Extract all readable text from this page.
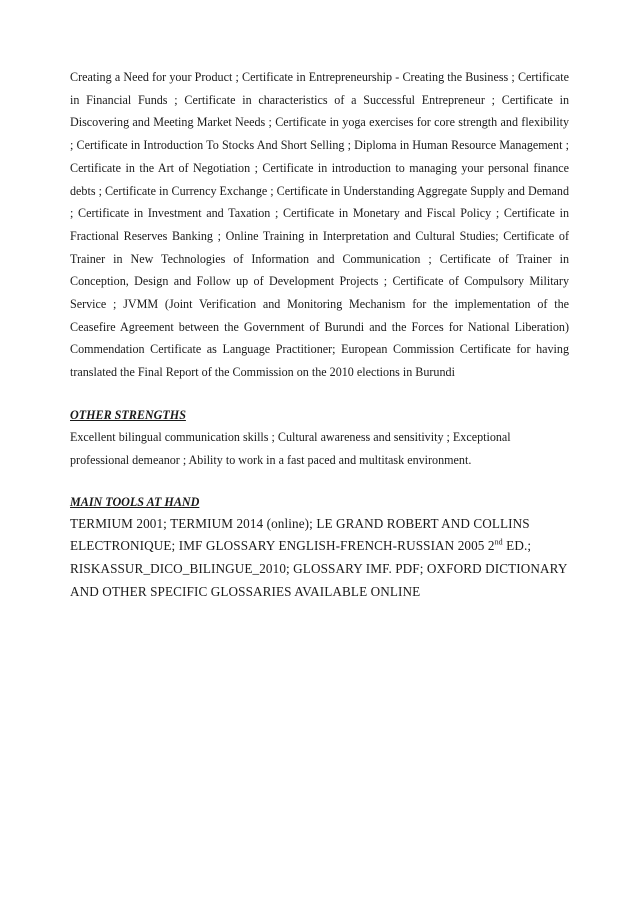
Creating a Need for your Product ; Certificate in Entrepreneurship - Creating the Business ; Certificate in Financial Funds ; Certificate in characteristics of a Successful Entrepreneur ; Certificate in Discovering and Meeting Market Needs ; Certificate in yoga exercises for core strength and flexibility ; Certificate in Introduction To Stocks And Short Selling ; Diploma in Human Resource Management ; Certificate in the Art of Negotiation ; Certificate in introduction to managing your personal finance debts ; Certificate in Currency Exchange ; Certificate in Understanding Aggregate Supply and Demand ; Certificate in Investment and Taxation ; Certificate in Monetary and Fiscal Policy ; Certificate in Fractional Reserves Banking ; Online Training in Interpretation and Cultural Studies; Certificate of Trainer in New Technologies of Information and Communication ; Certificate of Trainer in Conception, Design and Follow up of Development Projects ; Certificate of Compulsory Military Service ; JVMM (Joint Verification and Monitoring Mechanism for the implementation of the Ceasefire Agreement between the Government of Burundi and the Forces for National Liberation) Commendation Certificate as Language Practitioner; European Commission Certificate for having translated the Final Report of the Commission on the 2010 elections in Burundi

OTHER STRENGTHS

Excellent bilingual communication skills ; Cultural awareness and sensitivity ; Exceptional professional demeanor ; Ability to work in a fast paced and multitask environment.

MAIN TOOLS AT HAND

TERMIUM 2001; TERMIUM 2014 (online); LE GRAND ROBERT AND COLLINS ELECTRONIQUE; IMF GLOSSARY ENGLISH-FRENCH-RUSSIAN 2005 2nd ED.; RISKASSUR_DICO_BILINGUE_2010; GLOSSARY IMF. PDF; OXFORD DICTIONARY AND OTHER SPECIFIC GLOSSARIES AVAILABLE ONLINE
